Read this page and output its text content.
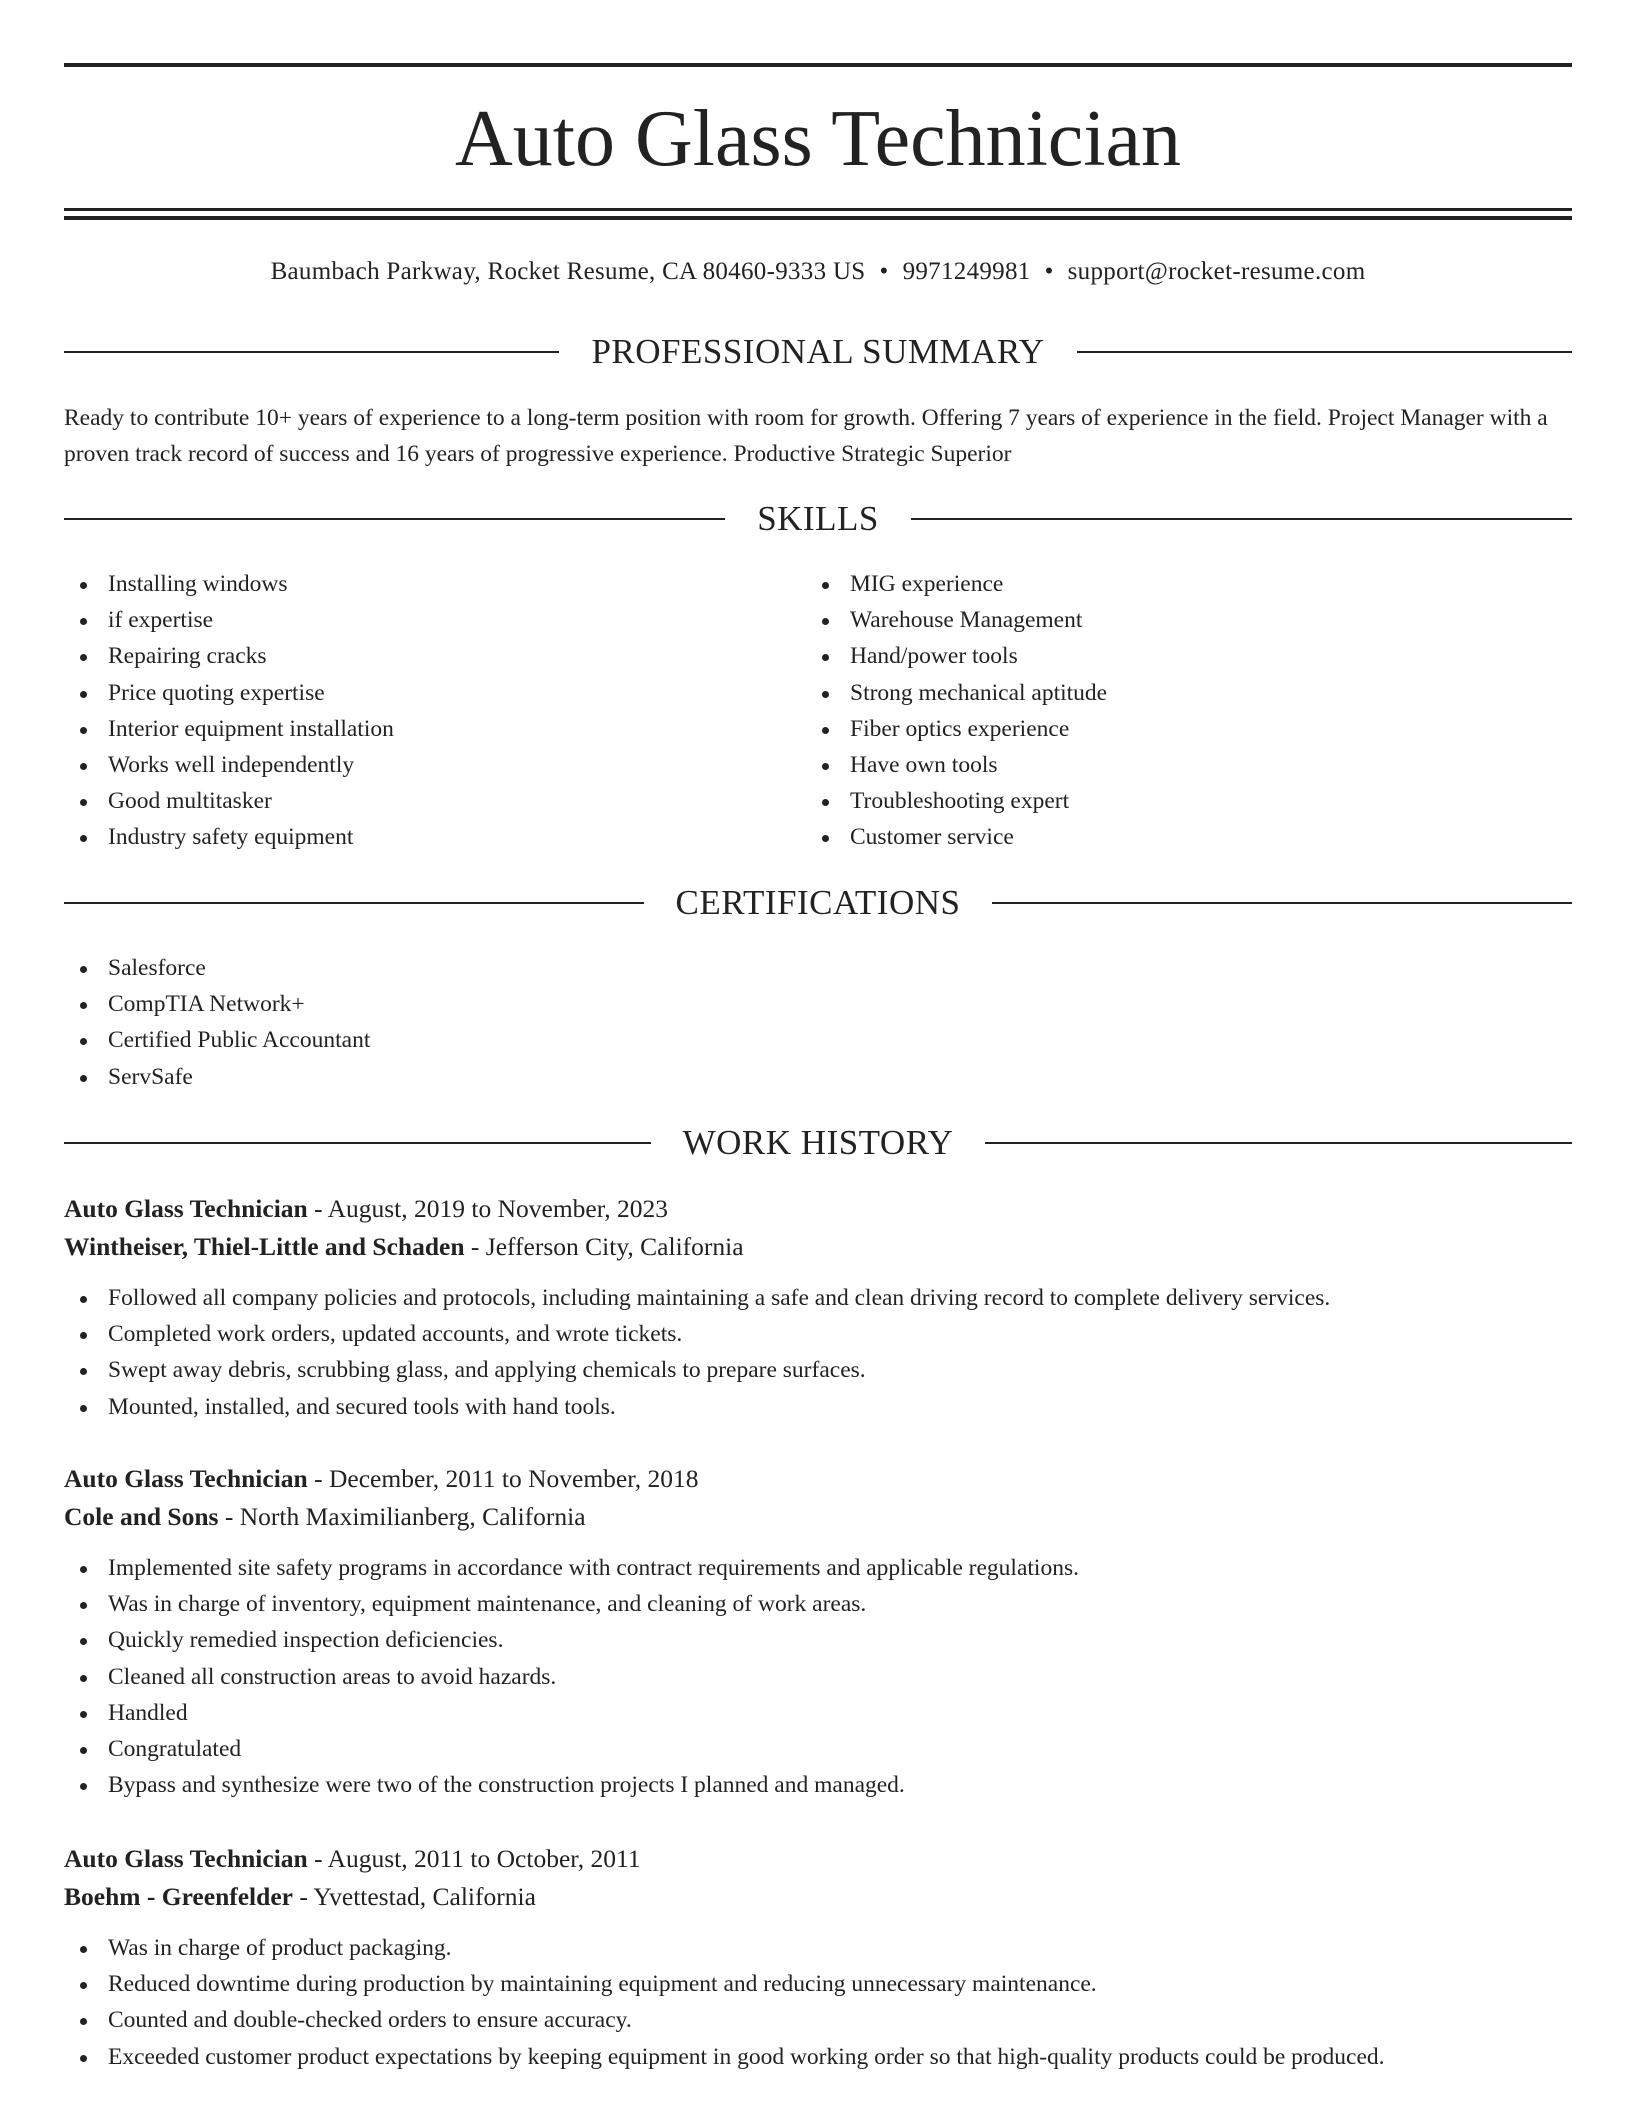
Auto Glass Technician
Baumbach Parkway, Rocket Resume, CA 80460-9333 US • 9971249981 • support@rocket-resume.com
PROFESSIONAL SUMMARY

Ready to contribute 10+ years of experience to a long-term position with room for growth. Offering 7 years of experience in the field. Project Manager with a proven track record of success and 16 years of progressive experience. Productive Strategic Superior

SKILLS
Installing windows
if expertise
Repairing cracks
Price quoting expertise
Interior equipment installation
Works well independently
Good multitasker
Industry safety equipment
MIG experience
Warehouse Management
Hand/power tools
Strong mechanical aptitude
Fiber optics experience
Have own tools
Troubleshooting expert
Customer service
CERTIFICATIONS
Salesforce
CompTIA Network+
Certified Public Accountant
ServSafe
WORK HISTORY
Auto Glass Technician - August, 2019 to November, 2023
Wintheiser, Thiel-Little and Schaden - Jefferson City, California
Followed all company policies and protocols, including maintaining a safe and clean driving record to complete delivery services.
Completed work orders, updated accounts, and wrote tickets.
Swept away debris, scrubbing glass, and applying chemicals to prepare surfaces.
Mounted, installed, and secured tools with hand tools.
Auto Glass Technician - December, 2011 to November, 2018
Cole and Sons - North Maximilianberg, California
Implemented site safety programs in accordance with contract requirements and applicable regulations.
Was in charge of inventory, equipment maintenance, and cleaning of work areas.
Quickly remedied inspection deficiencies.
Cleaned all construction areas to avoid hazards.
Handled
Congratulated
Bypass and synthesize were two of the construction projects I planned and managed.
Auto Glass Technician - August, 2011 to October, 2011
Boehm - Greenfelder - Yvettestad, California
Was in charge of product packaging.
Reduced downtime during production by maintaining equipment and reducing unnecessary maintenance.
Counted and double-checked orders to ensure accuracy.
Exceeded customer product expectations by keeping equipment in good working order so that high-quality products could be produced.
